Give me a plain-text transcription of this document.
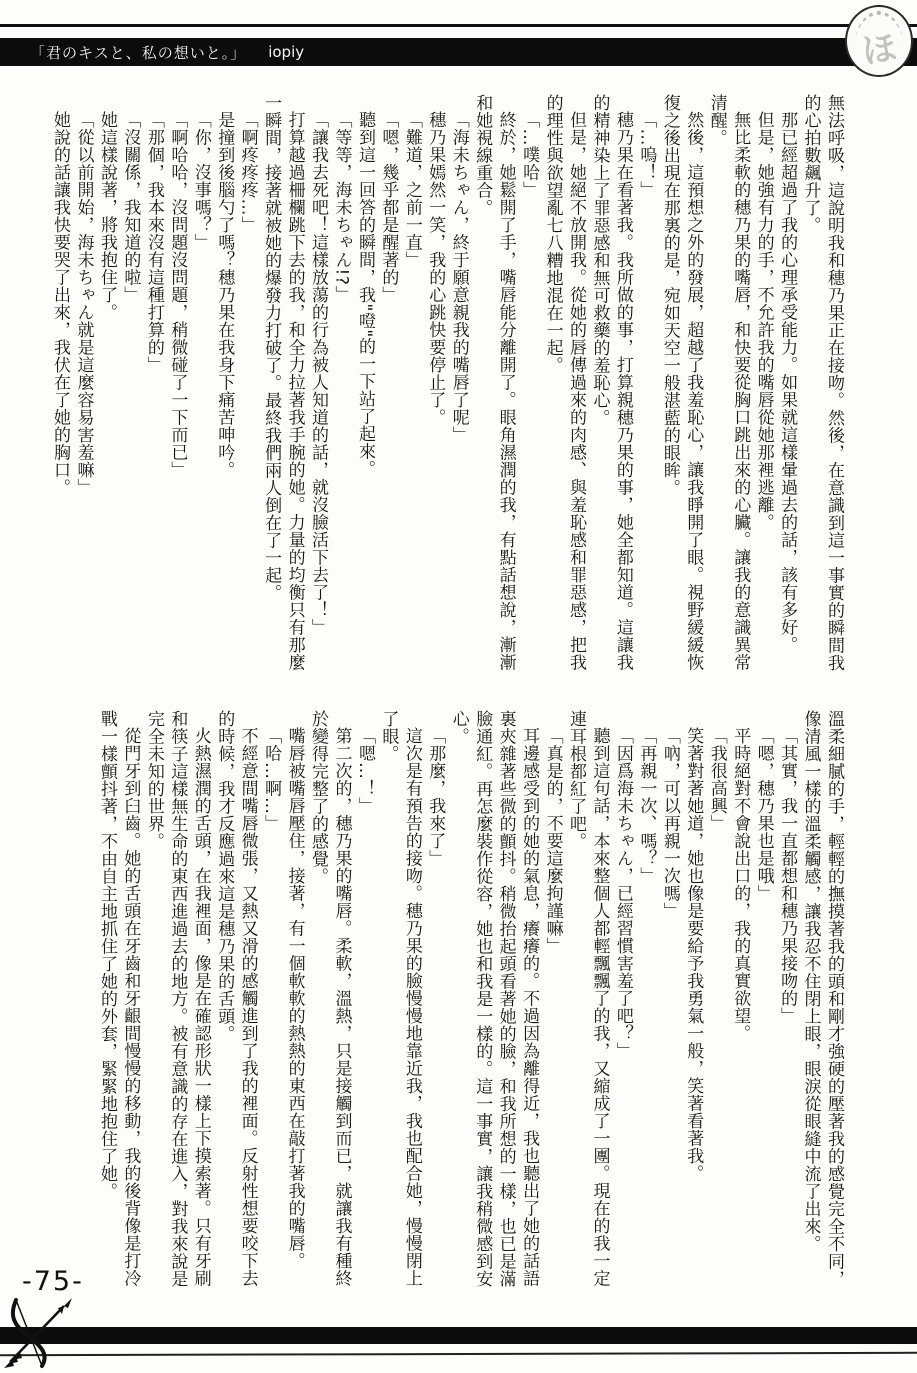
「君のキスと、私の想いと。」	iopiy	ほ

無法呼吸，這說明我和穗乃果正在接吻。然後，在意識到這一事實的瞬間我的心拍數飆升了。

那已經超過了我的心理承受能力。如果就這樣暈過去的話，該有多好。

但是，她強有力的手，不允許我的嘴唇從她那裡逃離。

無比柔軟的穗乃果的嘴唇，和快要從胸口跳出來的心臟。讓我的意識異常清醒。

然後，這預想之外的發展，超越了我羞恥心，讓我睜開了眼。視野緩緩恢復之後出現在那裏的是，宛如天空一般湛藍的眼眸。

「…嗚！」

穗乃果在看著我。我所做的事，打算親穗乃果的事，她全都知道。這讓我的精神染上了罪惡感和無可救藥的羞恥心。

但是，她絕不放開我。從她的唇傳過來的肉感、與羞恥感和罪惡感，把我的理性與欲望亂七八糟地混在一起。

「…噗哈」

終於，她鬆開了手，嘴唇能分離開了。眼角濕潤的我，有點話想說，漸漸和她視線重合。

「海未ちゃん，終于願意親我的嘴唇了呢」

穗乃果嫣然一笑，我的心跳快要停止了。

「難道，之前一直」

「嗯，幾乎都是醒著的」

聽到這一回答的瞬間，我"噔"的一下站了起來。

「等等，海未ちゃん!?」

「讓我去死吧！這樣放蕩的行為被人知道的話，就沒臉活下去了！」

打算越過柵欄跳下去的我，和全力拉著我手腕的她。力量的均衡只有那麼一瞬間，接著就被她的爆發力打破了。最終我們兩人倒在了一起。

「啊疼疼疼…」

是撞到後腦勺了嗎？穗乃果在我身下痛苦呻吟。

「你，沒事嗎？」

「啊哈哈，沒問題沒問題，稍微碰了一下而已」

「那個，我本來沒有這種打算的」

「沒關係，我知道的啦」

她這樣說著，將我抱住了。

「從以前開始，海未ちゃん就是這麼容易害羞嘛」

她說的話讓我快要哭了出來，我伏在了她的胸口。

溫柔細膩的手，輕輕的撫摸著我的頭和剛才強硬的壓著我的感覺完全不同，像清風一樣的溫柔觸感，讓我忍不住閉上眼，眼淚從眼縫中流了出來。

「其實，我一直都想和穗乃果接吻的」

「嗯，穗乃果也是哦」

平時絕對不會說出口的，我的真實欲望。

「我很高興」

笑著對著她道，她也像是要給予我勇氣一般，笑著看著我。

「吶，可以再親一次嗎」

「再親一次、嗎？」

「因爲海未ちゃん，已經習慣害羞了吧？」

聽到這句話，本來整個人都輕飄飄了的我，又縮成了一團。現在的我一定連耳根都紅了吧。

「真是的，不要這麼拘謹嘛」

耳邊感受到的她的氣息，癢癢的。不過因為離得近，我也聽出了她的話語裏夾雜著些微的顫抖。稍微抬起頭看著她的臉，和我所想的一樣，也已是滿臉通紅。再怎麼裝作從容，她也和我是一樣的。這一事實，讓我稍微感到安心。

「那麼，我來了」

這次是有預告的接吻。穗乃果的臉慢慢地靠近我，我也配合她，慢慢閉上了眼。

「嗯…！」

第二次的，穗乃果的嘴唇。柔軟，溫熱，只是接觸到而已，就讓我有種終於變得完整了的感覺。

嘴唇被嘴唇壓住，接著，有一個軟軟的熱熱的東西在敲打著我的嘴唇。

「哈…啊…」

不經意間嘴唇微張，又熱又滑的感觸進到了我的裡面。反射性想要咬下去的時候，我才反應過來這是穗乃果的舌頭。

火熱濕潤的舌頭，在我裡面，像是在確認形狀一樣上下摸索著。只有牙刷和筷子這樣無生命的東西進過去的地方。被有意識的存在進入，對我來說是完全未知的世界。

從門牙到臼齒。她的舌頭在牙齒和牙齦間慢慢的移動，我的後背像是打冷戰一樣顫抖著，不由自主地抓住了她的外套，緊緊地抱住了她。

-75-
